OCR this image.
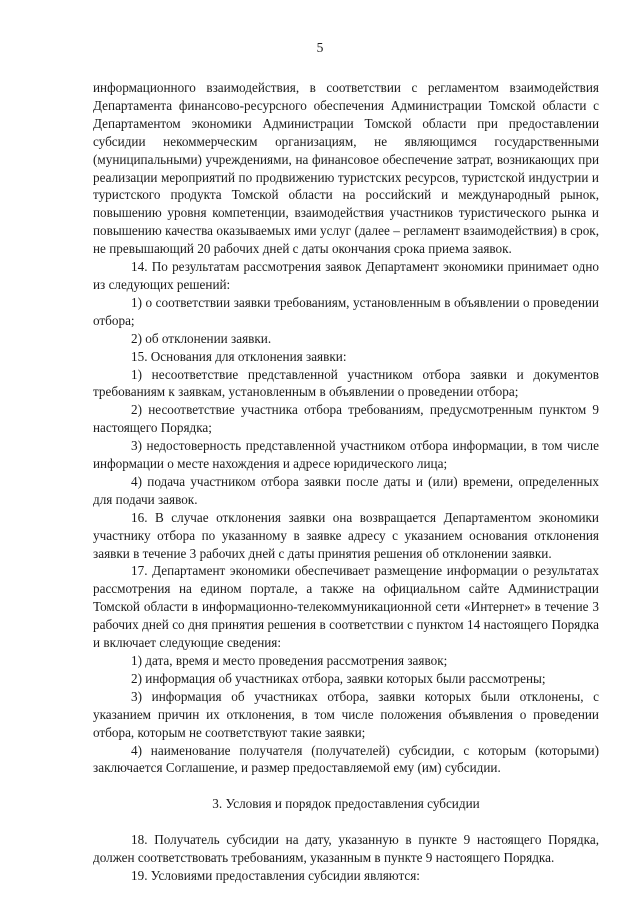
5

информационного взаимодействия, в соответствии с регламентом взаимодействия Департамента финансово-ресурсного обеспечения Администрации Томской области с Департаментом экономики Администрации Томской области при предоставлении субсидии некоммерческим организациям, не являющимся государственными (муниципальными) учреждениями, на финансовое обеспечение затрат, возникающих при реализации мероприятий по продвижению туристских ресурсов, туристской индустрии и туристского продукта Томской области на российский и международный рынок, повышению уровня компетенции, взаимодействия участников туристического рынка и повышению качества оказываемых ими услуг (далее – регламент взаимодействия) в срок, не превышающий 20 рабочих дней с даты окончания срока приема заявок.

14. По результатам рассмотрения заявок Департамент экономики принимает одно из следующих решений:

1) о соответствии заявки требованиям, установленным в объявлении о проведении отбора;

2) об отклонении заявки.

15. Основания для отклонения заявки:

1) несоответствие представленной участником отбора заявки и документов требованиям к заявкам, установленным в объявлении о проведении отбора;

2) несоответствие участника отбора требованиям, предусмотренным пунктом 9 настоящего Порядка;

3) недостоверность представленной участником отбора информации, в том числе информации о месте нахождения и адресе юридического лица;

4) подача участником отбора заявки после даты и (или) времени, определенных для подачи заявок.

16. В случае отклонения заявки она возвращается Департаментом экономики участнику отбора по указанному в заявке адресу с указанием основания отклонения заявки в течение 3 рабочих дней с даты принятия решения об отклонении заявки.

17. Департамент экономики обеспечивает размещение информации о результатах рассмотрения на едином портале, а также на официальном сайте Администрации Томской области в информационно-телекоммуникационной сети «Интернет» в течение 3 рабочих дней со дня принятия решения в соответствии с пунктом 14 настоящего Порядка и включает следующие сведения:

1) дата, время и место проведения рассмотрения заявок;

2) информация об участниках отбора, заявки которых были рассмотрены;

3) информация об участниках отбора, заявки которых были отклонены, с указанием причин их отклонения, в том числе положения объявления о проведении отбора, которым не соответствуют такие заявки;

4) наименование получателя (получателей) субсидии, с которым (которыми) заключается Соглашение, и размер предоставляемой ему (им) субсидии.

3. Условия и порядок предоставления субсидии

18. Получатель субсидии на дату, указанную в пункте 9 настоящего Порядка, должен соответствовать требованиям, указанным в пункте 9 настоящего Порядка.

19. Условиями предоставления субсидии являются:
